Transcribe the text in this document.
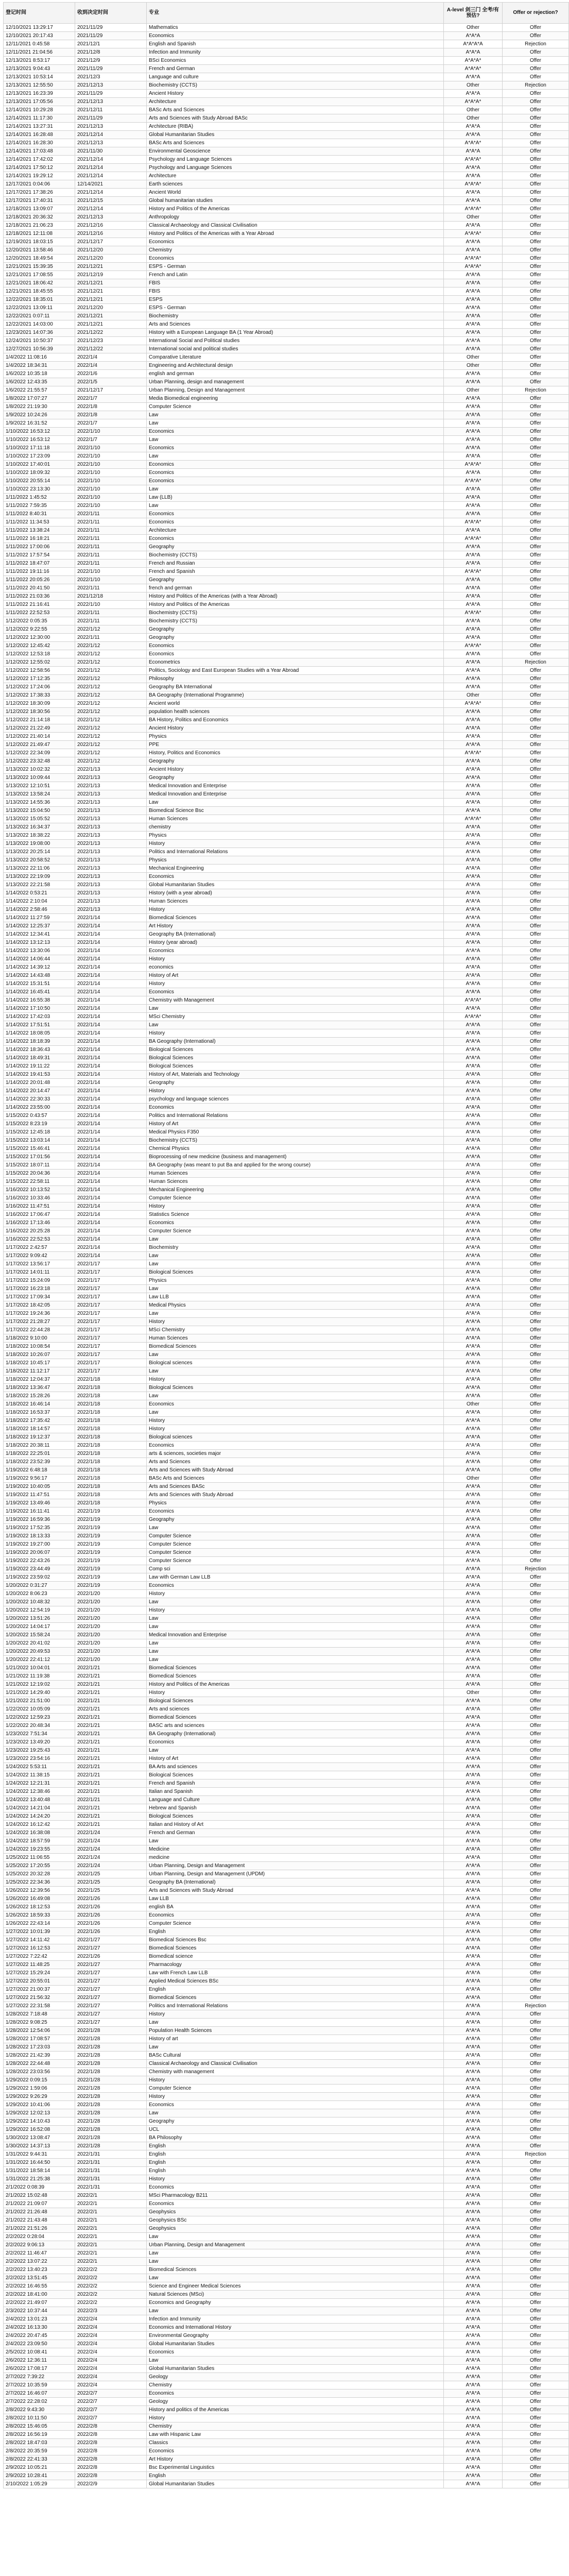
登记时间	收到决定时间	专业	A-level 剑三门 全考/有预估?	Offer or rejection?
12/10/2021 13:29:17	2021/11/29	Mathematics	Other	Offer
12/10/2021 20:17:43	2021/11/29	Economics	A*A*A	Offer
12/11/2021 0:45:58	2021/12/1	English and Spanish	A*A*A*A	Rejection
12/11/2021 21:04:56	2021/12/8	Infection and Immunity	A*A*A	Offer
12/13/2021 8:53:17	2021/12/9	BSci Economics	A*A*A*	Offer
12/13/2021 9:04:43	2021/11/29	French and German	A*A*A*	Offer
12/13/2021 10:53:14	2021/12/3	Language and culture	A*A*A	Offer
12/13/2021 12:55:50	2021/12/13	Biochemistry (CCTS)	Other	Rejection
12/13/2021 16:23:39	2021/11/29	Ancient History	A*A*A	Offer
12/13/2021 17:05:56	2021/12/13	Architecture	A*A*A*	Offer
12/14/2021 10:29:28	2021/12/11	BASc Arts and Sciences	Other	Offer
12/14/2021 11:17:30	2021/11/29	Arts and Sciences with Study Abroad BASc	Other	Offer
12/14/2021 13:27:31	2021/12/13	Architecture (RIBA)	A*A*A	Offer
12/14/2021 16:28:48	2021/12/14	Global Humanitarian Studies	A*A*A	Offer
12/14/2021 16:28:30	2021/12/13	BASc Arts and Sciences	A*A*A*	Offer
12/14/2021 17:03:48	2021/11/30	Environmental Geoscience	A*A*A	Offer
12/14/2021 17:42:02	2021/12/14	Psychology and Language Sciences	A*A*A*	Offer
12/14/2021 17:50:12	2021/12/14	Psychology and Language Sciences	A*A*A	Offer
12/14/2021 19:29:12	2021/12/14	Architecture	A*A*A	Offer
12/17/2021 0:04:06	12/14/2021	Earth sciences	A*A*A*	Offer
12/17/2021 17:38:26	2021/12/14	Ancient World	A*A*A	Offer
12/17/2021 17:40:31	2021/12/15	Global humanitarian studies	A*A*A	Offer
12/18/2021 13:09:07	2021/12/14	History and Politics of the Americas	A*A*A*	Offer
12/18/2021 20:36:32	2021/12/13	Anthropology	Other	Offer
12/18/2021 21:06:23	2021/12/16	Classical Archaeology and Classical Civilisation	A*A*A	Offer
12/18/2021 12:11:08	2021/12/16	History and Politics of the Americas with a Year Abroad	A*A*A*	Offer
12/19/2021 18:03:15	2021/12/17	Economics	A*A*A	Offer
12/20/2021 13:58:46	2021/12/20	Chemistry	A*A*A	Offer
12/20/2021 18:49:54	2021/12/20	Economics	A*A*A*	Offer
12/21/2021 15:39:35	2021/12/21	ESPS - German	A*A*A*	Offer
12/21/2021 17:08:55	2021/12/19	French and Latin	A*A*A	Offer
12/21/2021 18:06:42	2021/12/21	FBIS	A*A*A	Offer
12/21/2021 18:45:55	2021/12/21	FBIS	A*A*A	Offer
12/22/2021 18:35:01	2021/12/21	ESPS	A*A*A	Offer
12/22/2021 13:09:11	2021/12/20	ESPS - German	A*A*A	Offer
12/22/2021 0:07:11	2021/12/21	Biochemistry	A*A*A	Offer
12/22/2021 14:03:00	2021/12/21	Arts and Sciences	A*A*A	Offer
12/23/2021 14:07:36	2021/12/22	History with a European Language BA (1 Year Abroad)	A*A*A	Offer
12/24/2021 10:50:37	2021/12/23	International Social and Political studies	A*A*A	Offer
12/27/2021 10:56:39	2021/12/22	International social and political studies	A*A*A	Offer
1/4/2022 11:08:16	2022/1/4	Comparative Literature	Other	Offer
1/4/2022 18:34:31	2022/1/4	Engineering and Architectural design	Other	Offer
1/6/2022 10:35:18	2022/1/6	english and german	A*A*A	Offer
1/6/2022 12:43:35	2022/1/5	Urban Planning, design and management	A*A*A	Offer
1/6/2022 21:55:57	2021/12/17	Urban Planning, Design and Management	Other	Rejection
1/8/2022 17:07:27	2022/1/7	Media Biomedical engineering	A*A*A	Offer
1/8/2022 21:19:30	2022/1/8	Computer Science	A*A*A	Offer
1/9/2022 10:24:26	2022/1/8	Law	A*A*A	Offer
1/9/2022 16:31:52	2022/1/7	Law	A*A*A	Offer
1/10/2022 16:53:12	2022/1/10	Economics	A*A*A	Offer
1/10/2022 16:53:12	2022/1/7	Law	A*A*A	Offer
1/10/2022 17:11:18	2022/1/10	Economics	A*A*A	Offer
1/10/2022 17:23:09	2022/1/10	Law	A*A*A	Offer
1/10/2022 17:40:01	2022/1/10	Economics	A*A*A*	Offer
1/10/2022 18:09:32	2022/1/10	Economics	A*A*A	Offer
1/10/2022 20:55:14	2022/1/10	Economics	A*A*A*	Offer
1/10/2022 23:13:30	2022/1/10	Law	A*A*A	Offer
1/11/2022 1:45:52	2022/1/10	Law (LLB)	A*A*A	Offer
1/11/2022 7:59:35	2022/1/10	Law	A*A*A	Offer
1/11/2022 8:40:31	2022/1/11	Economics	A*A*A	Offer
1/11/2022 11:34:53	2022/1/11	Economics	A*A*A*	Offer
1/11/2022 13:38:24	2022/1/11	Architecture	A*A*A	Offer
1/11/2022 16:18:21	2022/1/11	Economics	A*A*A*	Offer
1/11/2022 17:00:06	2022/1/11	Geography	A*A*A	Offer
1/11/2022 17:57:54	2022/1/11	Biochemistry (CCTS)	A*A*A	Offer
1/11/2022 18:47:07	2022/1/11	French and Russian	A*A*A	Offer
1/11/2022 19:11:16	2022/1/10	French and Spanish	A*A*A*	Offer
1/11/2022 20:05:26	2022/1/10	Geography	A*A*A	Offer
1/11/2022 20:41:50	2022/1/11	french and german	A*A*A	Offer
1/11/2022 21:03:36	2021/12/18	History and Politics of the Americas (with a Year Abroad)	A*A*A	Offer
1/11/2022 21:16:41	2022/1/10	History and Politics of the Americas	A*A*A	Offer
1/11/2022 22:52:53	2022/1/11	Biochemistry (CCTS)	A*A*A*	Offer
1/12/2022 0:05:35	2022/1/11	Biochemistry (CCTS)	A*A*A	Offer
1/12/2022 9:22:55	2022/1/12	Geography	A*A*A	Offer
1/12/2022 12:30:00	2022/1/11	Geography	A*A*A	Offer
1/12/2022 12:45:42	2022/1/12	Economics	A*A*A*	Offer
1/12/2022 12:53:18	2022/1/12	Economics	A*A*A	Offer
1/12/2022 12:55:02	2022/1/12	Econometrics	A*A*A	Rejection
1/12/2022 12:58:56	2022/1/12	Politics, Sociology and East European Studies with a Year Abroad	A*A*A	Offer
1/12/2022 17:12:35	2022/1/12	Philosophy	A*A*A	Offer
1/12/2022 17:24:06	2022/1/12	Geography BA International	A*A*A	Offer
1/12/2022 17:38:33	2022/1/12	BA Geography (International Programme)	Other	Offer
1/12/2022 18:30:09	2022/1/12	Ancient world	A*A*A*	Offer
1/12/2022 18:30:56	2022/1/12	population health sciences	A*A*A	Offer
1/12/2022 21:14:18	2022/1/12	BA History, Politics and Economics	A*A*A	Offer
1/12/2022 21:22:49	2022/1/12	Ancient History	A*A*A	Offer
1/12/2022 21:40:14	2022/1/12	Physics	A*A*A	Offer
1/12/2022 21:49:47	2022/1/12	PPE	A*A*A	Offer
1/12/2022 22:34:09	2022/1/12	History, Politics and Economics	A*A*A*	Offer
1/12/2022 23:32:48	2022/1/12	Geography	A*A*A	Offer
1/13/2022 10:02:32	2022/1/13	Ancient History	A*A*A	Offer
1/13/2022 10:09:44	2022/1/13	Geography	A*A*A	Offer
1/13/2022 12:10:51	2022/1/13	Medical Innovation and Enterprise	A*A*A	Offer
1/13/2022 13:58:24	2022/1/13	Medical Innovation and Enterprise	A*A*A	Offer
1/13/2022 14:55:36	2022/1/13	Law	A*A*A	Offer
1/13/2022 15:04:50	2022/1/13	Biomedical Science Bsc	A*A*A	Offer
1/13/2022 15:05:52	2022/1/13	Human Sciences	A*A*A*	Offer
1/13/2022 16:34:37	2022/1/13	chemistry	A*A*A	Offer
1/13/2022 18:38:22	2022/1/13	Physics	A*A*A	Offer
1/13/2022 19:08:00	2022/1/13	History	A*A*A	Offer
1/13/2022 20:25:14	2022/1/13	Politics and International Relations	A*A*A	Offer
1/13/2022 20:58:52	2022/1/13	Physics	A*A*A	Offer
1/13/2022 22:11:06	2022/1/13	Mechanical Engineering	A*A*A	Offer
1/13/2022 22:19:09	2022/1/13	Economics	A*A*A	Offer
1/13/2022 22:21:58	2022/1/13	Global Humanitarian Studies	A*A*A	Offer
1/14/2022 0:53:21	2022/1/13	History (with a year abroad)	A*A*A	Offer
1/14/2022 2:10:04	2022/1/13	Human Sciences	A*A*A	Offer
1/14/2022 2:58:46	2022/1/13	History	A*A*A	Offer
1/14/2022 11:27:59	2022/1/14	Biomedical Sciences	A*A*A	Offer
1/14/2022 12:25:37	2022/1/14	Art History	A*A*A	Offer
1/14/2022 12:34:41	2022/1/14	Geography BA (International)	A*A*A	Offer
1/14/2022 13:12:13	2022/1/14	History (year abroad)	A*A*A	Offer
1/14/2022 13:30:06	2022/1/14	Economics	A*A*A	Offer
1/14/2022 14:06:44	2022/1/14	History	A*A*A	Offer
1/14/2022 14:39:12	2022/1/14	economics	A*A*A	Offer
1/14/2022 14:43:48	2022/1/14	History of Art	A*A*A	Offer
1/14/2022 15:31:51	2022/1/14	History	A*A*A	Offer
1/14/2022 16:45:41	2022/1/14	Economics	A*A*A	Offer
1/14/2022 16:55:38	2022/1/14	Chemistry with Management	A*A*A*	Offer
1/14/2022 17:10:50	2022/1/14	Law	A*A*A	Offer
1/14/2022 17:42:03	2022/1/14	MSci Chemistry	A*A*A*	Offer
1/14/2022 17:51:51	2022/1/14	Law	A*A*A	Offer
1/14/2022 18:08:05	2022/1/14	History	A*A*A	Offer
1/14/2022 18:18:39	2022/1/14	BA Geography (International)	A*A*A	Offer
1/14/2022 18:36:43	2022/1/14	Biological Sciences	A*A*A	Offer
1/14/2022 18:49:31	2022/1/14	Biological Sciences	A*A*A	Offer
1/14/2022 19:11:22	2022/1/14	Biological Sciences	A*A*A	Offer
1/14/2022 19:41:53	2022/1/14	History of Art, Materials and Technology	A*A*A	Offer
1/14/2022 20:01:48	2022/1/14	Geography	A*A*A	Offer
1/14/2022 20:14:47	2022/1/14	History	A*A*A	Offer
1/14/2022 22:30:33	2022/1/14	psychology and language sciences	A*A*A	Offer
1/14/2022 23:55:00	2022/1/14	Economics	A*A*A	Offer
1/15/2022 0:43:57	2022/1/14	Politics and International Relations	A*A*A	Offer
1/15/2022 8:23:19	2022/1/14	History of Art	A*A*A	Offer
1/15/2022 12:45:18	2022/1/14	Medical Physics F350	A*A*A	Offer
1/15/2022 13:03:14	2022/1/14	Biochemistry (CCTS)	A*A*A	Offer
1/15/2022 15:46:41	2022/1/14	Chemical Physics	A*A*A	Offer
1/15/2022 17:01:56	2022/1/14	Bioprocessing of new medicine (business and management)	A*A*A	Offer
1/15/2022 18:07:11	2022/1/14	BA Geography (was meant to put Ba and applied for the wrong course)	A*A*A	Offer
1/15/2022 20:04:36	2022/1/14	Human Sciences	A*A*A	Offer
1/15/2022 22:58:11	2022/1/14	Human Sciences	A*A*A	Offer
1/16/2022 10:13:52	2022/1/14	Mechanical Engineering	A*A*A	Offer
1/16/2022 10:33:46	2022/1/14	Computer Science	A*A*A	Offer
1/16/2022 11:47:51	2022/1/14	History	A*A*A	Offer
1/16/2022 17:06:47	2022/1/14	Statistics Science	A*A*A	Offer
1/16/2022 17:13:46	2022/1/14	Economics	A*A*A	Offer
1/16/2022 20:25:28	2022/1/14	Computer Science	A*A*A	Offer
1/16/2022 22:52:53	2022/1/14	Law	A*A*A	Offer
1/17/2022 2:42:57	2022/1/14	Biochemistry	A*A*A	Offer
1/17/2022 9:09:42	2022/1/14	Law	A*A*A	Offer
1/17/2022 13:56:17	2022/1/17	Law	A*A*A	Offer
1/17/2022 14:01:11	2022/1/17	Biological Sciences	A*A*A	Offer
1/17/2022 15:24:09	2022/1/17	Physics	A*A*A	Offer
1/17/2022 16:23:18	2022/1/17	Law	A*A*A	Offer
1/17/2022 17:09:34	2022/1/17	Law LLB	A*A*A	Offer
1/17/2022 18:42:05	2022/1/17	Medical Physics	A*A*A	Offer
1/17/2022 19:24:36	2022/1/17	Law	A*A*A	Offer
1/17/2022 21:28:27	2022/1/17	History	A*A*A	Offer
1/17/2022 22:44:28	2022/1/17	MSci Chemistry	A*A*A	Offer
1/18/2022 9:10:00	2022/1/17	Human Sciences	A*A*A	Offer
1/18/2022 10:08:54	2022/1/17	Biomedical Sciences	A*A*A	Offer
1/18/2022 10:26:07	2022/1/17	Law	A*A*A	Offer
1/18/2022 10:45:17	2022/1/17	Biological sciences	A*A*A	Offer
1/18/2022 11:12:17	2022/1/17	Law	A*A*A	Offer
1/18/2022 12:04:37	2022/1/18	History	A*A*A	Offer
1/18/2022 13:36:47	2022/1/18	Biological Sciences	A*A*A	Offer
1/18/2022 15:28:26	2022/1/18	Law	A*A*A	Offer
1/18/2022 16:46:14	2022/1/18	Economics	Other	Offer
1/18/2022 16:53:37	2022/1/18	Law	A*A*A	Offer
1/18/2022 17:35:42	2022/1/18	History	A*A*A	Offer
1/18/2022 18:14:57	2022/1/18	History	A*A*A	Offer
1/18/2022 19:12:37	2022/1/18	Biological sciences	A*A*A	Offer
1/18/2022 20:38:11	2022/1/18	Economics	A*A*A	Offer
1/18/2022 22:25:01	2022/1/18	arts & sciences, societies major	A*A*A	Offer
1/18/2022 23:52:39	2022/1/18	Arts and Sciences	A*A*A	Offer
1/19/2022 6:48:18	2022/1/18	Arts and Sciences with Study Abroad	A*A*A	Offer
1/19/2022 9:56:17	2022/1/18	BASc Arts and Sciences	Other	Offer
1/19/2022 10:40:05	2022/1/18	Arts and Sciences BASc	A*A*A	Offer
1/19/2022 11:47:51	2022/1/18	Arts and Sciences with Study Abroad	A*A*A	Offer
1/19/2022 13:49:46	2022/1/18	Physics	A*A*A	Offer
1/19/2022 16:11:41	2022/1/19	Economics	A*A*A	Offer
1/19/2022 16:59:36	2022/1/19	Geography	A*A*A	Offer
1/19/2022 17:52:35	2022/1/19	Law	A*A*A	Offer
1/19/2022 18:13:33	2022/1/19	Computer Science	A*A*A	Offer
1/19/2022 19:27:00	2022/1/19	Computer Science	A*A*A	Offer
1/19/2022 20:06:07	2022/1/19	Computer Science	A*A*A	Offer
1/19/2022 22:43:26	2022/1/19	Computer Science	A*A*A	Offer
1/19/2022 23:44:49	2022/1/19	Comp sci	A*A*A	Rejection
1/19/2022 23:59:02	2022/1/19	Law with German Law LLB	A*A*A	Offer
1/20/2022 0:31:27	2022/1/19	Economics	A*A*A	Offer
1/20/2022 8:06:23	2022/1/20	History	A*A*A	Offer
1/20/2022 10:48:32	2022/1/20	Law	A*A*A	Offer
1/20/2022 12:54:19	2022/1/20	History	A*A*A	Offer
1/20/2022 13:51:26	2022/1/20	Law	A*A*A	Offer
1/20/2022 14:04:17	2022/1/20	Law	A*A*A	Offer
1/20/2022 15:58:24	2022/1/20	Medical Innovation and Enterprise	A*A*A	Offer
1/20/2022 20:41:02	2022/1/20	Law	A*A*A	Offer
1/20/2022 20:49:53	2022/1/20	Law	A*A*A	Offer
1/20/2022 22:41:12	2022/1/20	Law	A*A*A	Offer
1/21/2022 10:04:01	2022/1/21	Biomedical Sciences	A*A*A	Offer
1/21/2022 11:19:38	2022/1/21	Biomedical Sciences	A*A*A	Offer
1/21/2022 12:19:02	2022/1/21	History and Politics of the Americas	A*A*A	Offer
1/21/2022 14:29:40	2022/1/21	History	Other	Offer
1/21/2022 21:51:00	2022/1/21	Biological Sciences	A*A*A	Offer
1/22/2022 10:05:09	2022/1/21	Arts and sciences	A*A*A	Offer
1/22/2022 12:59:23	2022/1/21	Biomedical Sciences	A*A*A	Offer
1/22/2022 20:48:34	2022/1/21	BASC arts and sciences	A*A*A	Offer
1/23/2022 7:51:34	2022/1/21	BA Geography (International)	A*A*A	Offer
1/23/2022 13:49:20	2022/1/21	Economics	A*A*A	Offer
1/23/2022 19:25:43	2022/1/21	Law	A*A*A	Offer
1/23/2022 23:54:16	2022/1/21	History of Art	A*A*A	Offer
1/24/2022 5:53:11	2022/1/21	BA Arts and sciences	A*A*A	Offer
1/24/2022 11:38:15	2022/1/21	Biological Sciences	A*A*A	Offer
1/24/2022 12:21:31	2022/1/21	French and Spanish	A*A*A	Offer
1/24/2022 12:38:46	2022/1/21	Italian and Spanish	A*A*A	Offer
1/24/2022 13:40:48	2022/1/21	Language and Culture	A*A*A	Offer
1/24/2022 14:21:04	2022/1/21	Hebrew and Spanish	A*A*A	Offer
1/24/2022 14:24:20	2022/1/21	Biological Sciences	A*A*A	Offer
1/24/2022 16:12:42	2022/1/21	Italian and History of Art	A*A*A	Offer
1/24/2022 16:38:08	2022/1/24	French and German	A*A*A	Offer
1/24/2022 18:57:59	2022/1/24	Law	A*A*A	Offer
1/24/2022 19:23:55	2022/1/24	Medicine	A*A*A	Offer
1/25/2022 11:06:55	2022/1/24	medicine	A*A*A	Offer
1/25/2022 17:20:55	2022/1/24	Urban Planning, Design and Management	A*A*A	Offer
1/25/2022 20:32:28	2022/1/25	Urban Planning, Design and Management (UPDM)	A*A*A	Offer
1/25/2022 22:34:36	2022/1/25	Geography BA (International)	A*A*A	Offer
1/26/2022 12:39:56	2022/1/25	Arts and Sciences with Study Abroad	A*A*A	Offer
1/26/2022 16:49:08	2022/1/26	Law LLB	A*A*A	Offer
1/26/2022 18:12:53	2022/1/26	english BA	A*A*A	Offer
1/26/2022 18:59:33	2022/1/26	Economics	A*A*A	Offer
1/26/2022 22:43:14	2022/1/26	Computer Science	A*A*A	Offer
1/27/2022 10:01:39	2022/1/26	English	A*A*A	Offer
1/27/2022 14:11:42	2022/1/27	Biomedical Sciences Bsc	A*A*A	Offer
1/27/2022 16:12:53	2022/1/27	Biomedical Sciences	A*A*A	Offer
1/27/2022 7:22:42	2022/1/26	Biomedical science	A*A*A	Offer
1/27/2022 11:48:25	2022/1/27	Pharmacology	A*A*A	Offer
1/27/2022 15:29:24	2022/1/27	Law with French Law LLB	A*A*A	Offer
1/27/2022 20:55:01	2022/1/27	Applied Medical Sciences BSc	A*A*A	Offer
1/27/2022 21:00:37	2022/1/27	English	A*A*A	Offer
1/27/2022 21:56:32	2022/1/27	Biomedical Sciences	A*A*A	Offer
1/27/2022 22:31:58	2022/1/27	Politics and International Relations	A*A*A	Rejection
1/28/2022 7:18:48	2022/1/27	History	A*A*A	Offer
1/28/2022 9:08:25	2022/1/27	Law	A*A*A	Offer
1/28/2022 12:54:06	2022/1/28	Population Health Sciences	A*A*A	Offer
1/28/2022 17:08:57	2022/1/28	History of art	A*A*A	Offer
1/28/2022 17:23:03	2022/1/28	Law	A*A*A	Offer
1/28/2022 21:42:39	2022/1/28	BASc Cultural	A*A*A	Offer
1/28/2022 22:44:48	2022/1/28	Classical Archaeology and Classical Civilisation	A*A*A	Offer
1/28/2022 23:03:56	2022/1/28	Chemistry with management	A*A*A	Offer
1/29/2022 0:09:15	2022/1/28	History	A*A*A	Offer
1/29/2022 1:59:06	2022/1/28	Computer Science	A*A*A	Offer
1/29/2022 9:26:29	2022/1/28	History	A*A*A	Offer
1/29/2022 10:41:06	2022/1/28	Economics	A*A*A	Offer
1/29/2022 12:02:13	2022/1/28	Law	A*A*A	Offer
1/29/2022 14:10:43	2022/1/28	Geography	A*A*A	Offer
1/29/2022 16:52:08	2022/1/28	UCL	A*A*A	Offer
1/30/2022 13:08:47	2022/1/28	BA Philosophy	A*A*A	Offer
1/30/2022 14:37:13	2022/1/28	English	A*A*A	Offer
1/31/2022 9:44:31	2022/1/31	English	A*A*A	Rejection
1/31/2022 16:44:50	2022/1/31	English	A*A*A	Offer
1/31/2022 18:58:14	2022/1/31	English	A*A*A	Offer
1/31/2022 21:25:38	2022/1/31	History	A*A*A	Offer
2/1/2022 0:08:39	2022/1/31	Economics	A*A*A	Offer
2/1/2022 15:02:48	2022/2/1	MSci Pharmacology B211	A*A*A	Offer
2/1/2022 21:09:07	2022/2/1	Economics	A*A*A	Offer
2/1/2022 21:26:48	2022/2/1	Geophysics	A*A*A	Offer
2/1/2022 21:43:48	2022/2/1	Geophysics BSc	A*A*A	Offer
2/1/2022 21:51:26	2022/2/1	Geophysics	A*A*A	Offer
2/2/2022 0:28:04	2022/2/1	Law	A*A*A	Offer
2/2/2022 9:06:13	2022/2/1	Urban Planning, Design and Management	A*A*A	Offer
2/2/2022 11:46:47	2022/2/1	Law	A*A*A	Offer
2/2/2022 13:07:22	2022/2/1	Law	A*A*A	Offer
2/2/2022 13:40:23	2022/2/2	Biomedical Sciences	A*A*A	Offer
2/2/2022 13:51:45	2022/2/2	Law	A*A*A	Offer
2/2/2022 16:46:55	2022/2/2	Science and Engineer Medical Sciences	A*A*A	Offer
2/2/2022 18:41:00	2022/2/2	Natural Sciences (MSci)	A*A*A	Offer
2/2/2022 21:49:07	2022/2/2	Economics and Geography	A*A*A	Offer
2/3/2022 10:37:44	2022/2/3	Law	A*A*A	Offer
2/4/2022 13:01:23	2022/2/4	Infection and Immunity	A*A*A	Offer
2/4/2022 16:13:30	2022/2/4	Economics and International History	A*A*A	Offer
2/4/2022 20:47:45	2022/2/4	Environmental Geography	A*A*A	Offer
2/4/2022 23:09:50	2022/2/4	Global Humanitarian Studies	A*A*A	Offer
2/5/2022 10:08:41	2022/2/4	Economics	A*A*A	Offer
2/6/2022 12:36:11	2022/2/4	Law	A*A*A	Offer
2/6/2022 17:08:17	2022/2/4	Global Humanitarian Studies	A*A*A	Offer
2/7/2022 7:39:22	2022/2/4	Geology	A*A*A	Offer
2/7/2022 10:35:59	2022/2/4	Chemistry	A*A*A	Offer
2/7/2022 16:46:07	2022/2/7	Economics	A*A*A	Offer
2/7/2022 22:28:02	2022/2/7	Geology	A*A*A	Offer
2/8/2022 9:43:30	2022/2/7	History and politics of the Americas	A*A*A	Offer
2/8/2022 10:11:50	2022/2/7	History	A*A*A	Offer
2/8/2022 15:46:05	2022/2/8	Chemistry	A*A*A	Offer
2/8/2022 16:56:19	2022/2/8	Law with Hispanic Law	A*A*A	Offer
2/8/2022 18:47:03	2022/2/8	Classics	A*A*A	Offer
2/8/2022 20:35:59	2022/2/8	Economics	A*A*A	Offer
2/8/2022 22:41:33	2022/2/8	Art History	A*A*A	Offer
2/9/2022 10:05:21	2022/2/8	Bsc Experimental Linguistics	A*A*A	Offer
2/9/2022 10:28:41	2022/2/8	English	A*A*A	Offer
2/10/2022 1:05:29	2022/2/9	Global Humanitarian Studies	A*A*A	Offer
